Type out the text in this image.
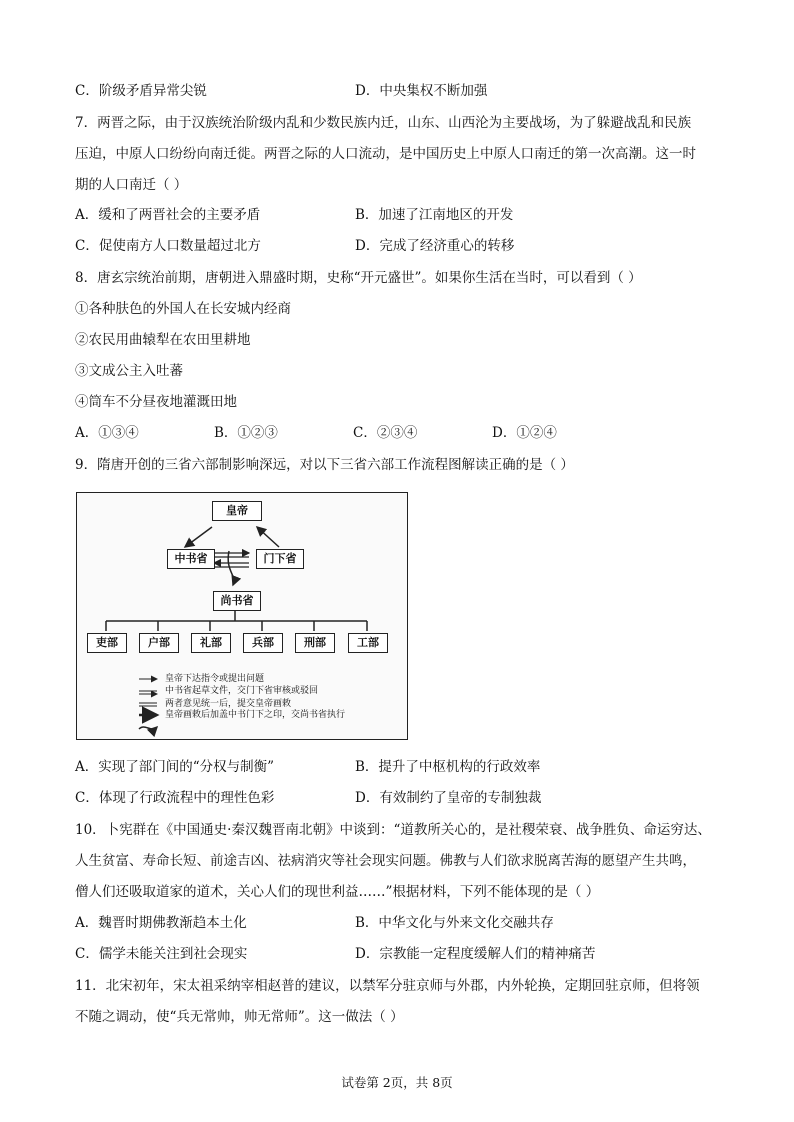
C．阶级矛盾异常尖锐	D．中央集权不断加强
7．两晋之际，由于汉族统治阶级内乱和少数民族内迁，山东、山西沦为主要战场，为了躲避战乱和民族
压迫，中原人口纷纷向南迁徙。两晋之际的人口流动，是中国历史上中原人口南迁的第一次高潮。这一时
期的人口南迁（ ）
A．缓和了两晋社会的主要矛盾	B．加速了江南地区的开发
C．促使南方人口数量超过北方	D．完成了经济重心的转移
8．唐玄宗统治前期，唐朝进入鼎盛时期，史称“开元盛世”。如果你生活在当时，可以看到（ ）
①各种肤色的外国人在长安城内经商
②农民用曲辕犁在农田里耕地
③文成公主入吐蕃
④筒车不分昼夜地灌溉田地
A．①③④	B．①②③	C．②③④	D．①②④
9．隋唐开创的三省六部制影响深远，对以下三省六部工作流程图解读正确的是（ ）
皇帝
中书省	门下省
尚书省
吏部	户部	礼部	兵部	刑部	工部
皇帝下达指令或提出问题
中书省起草文件，交门下省审核或驳回
两者意见统一后，提交皇帝画敕
皇帝画敕后加盖中书门下之印，交尚书省执行
A．实现了部门间的“分权与制衡”	B．提升了中枢机构的行政效率
C．体现了行政流程中的理性色彩	D．有效制约了皇帝的专制独裁
10．卜宪群在《中国通史·秦汉魏晋南北朝》中谈到：“道教所关心的，是社稷荣衰、战争胜负、命运穷达、
人生贫富、寿命长短、前途吉凶、祛病消灾等社会现实问题。佛教与人们欲求脱离苦海的愿望产生共鸣，
僧人们还吸取道家的道术，关心人们的现世利益……”根据材料，下列不能体现的是（ ）
A．魏晋时期佛教渐趋本土化	B．中华文化与外来文化交融共存
C．儒学未能关注到社会现实	D．宗教能一定程度缓解人们的精神痛苦
11．北宋初年，宋太祖采纳宰相赵普的建议，以禁军分驻京师与外郡，内外轮换，定期回驻京师，但将领
不随之调动，使“兵无常帅，帅无常师”。这一做法（ ）
试卷第 2页，共 8页
